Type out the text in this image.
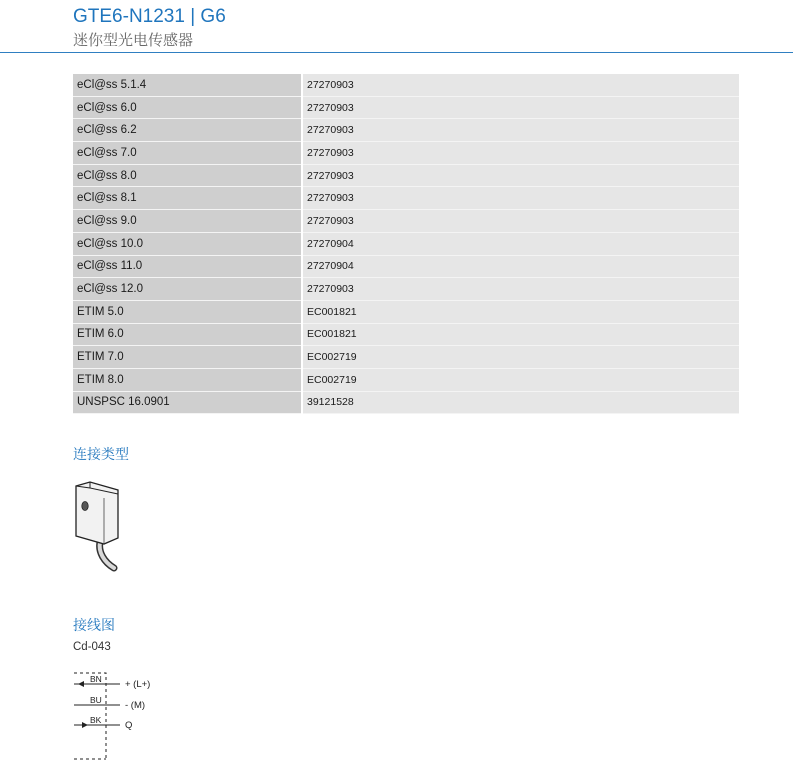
GTE6-N1231 | G6
迷你型光电传感器
eCl@ss 5.1.4	27270903
eCl@ss 6.0	27270903
eCl@ss 6.2	27270903
eCl@ss 7.0	27270903
eCl@ss 8.0	27270903
eCl@ss 8.1	27270903
eCl@ss 9.0	27270903
eCl@ss 10.0	27270904
eCl@ss 11.0	27270904
eCl@ss 12.0	27270903
ETIM 5.0	EC001821
ETIM 6.0	EC001821
ETIM 7.0	EC002719
ETIM 8.0	EC002719
UNSPSC 16.0901	39121528
连接类型
接线图
Cd-043
BN + (L+)
BU - (M)
BK Q
